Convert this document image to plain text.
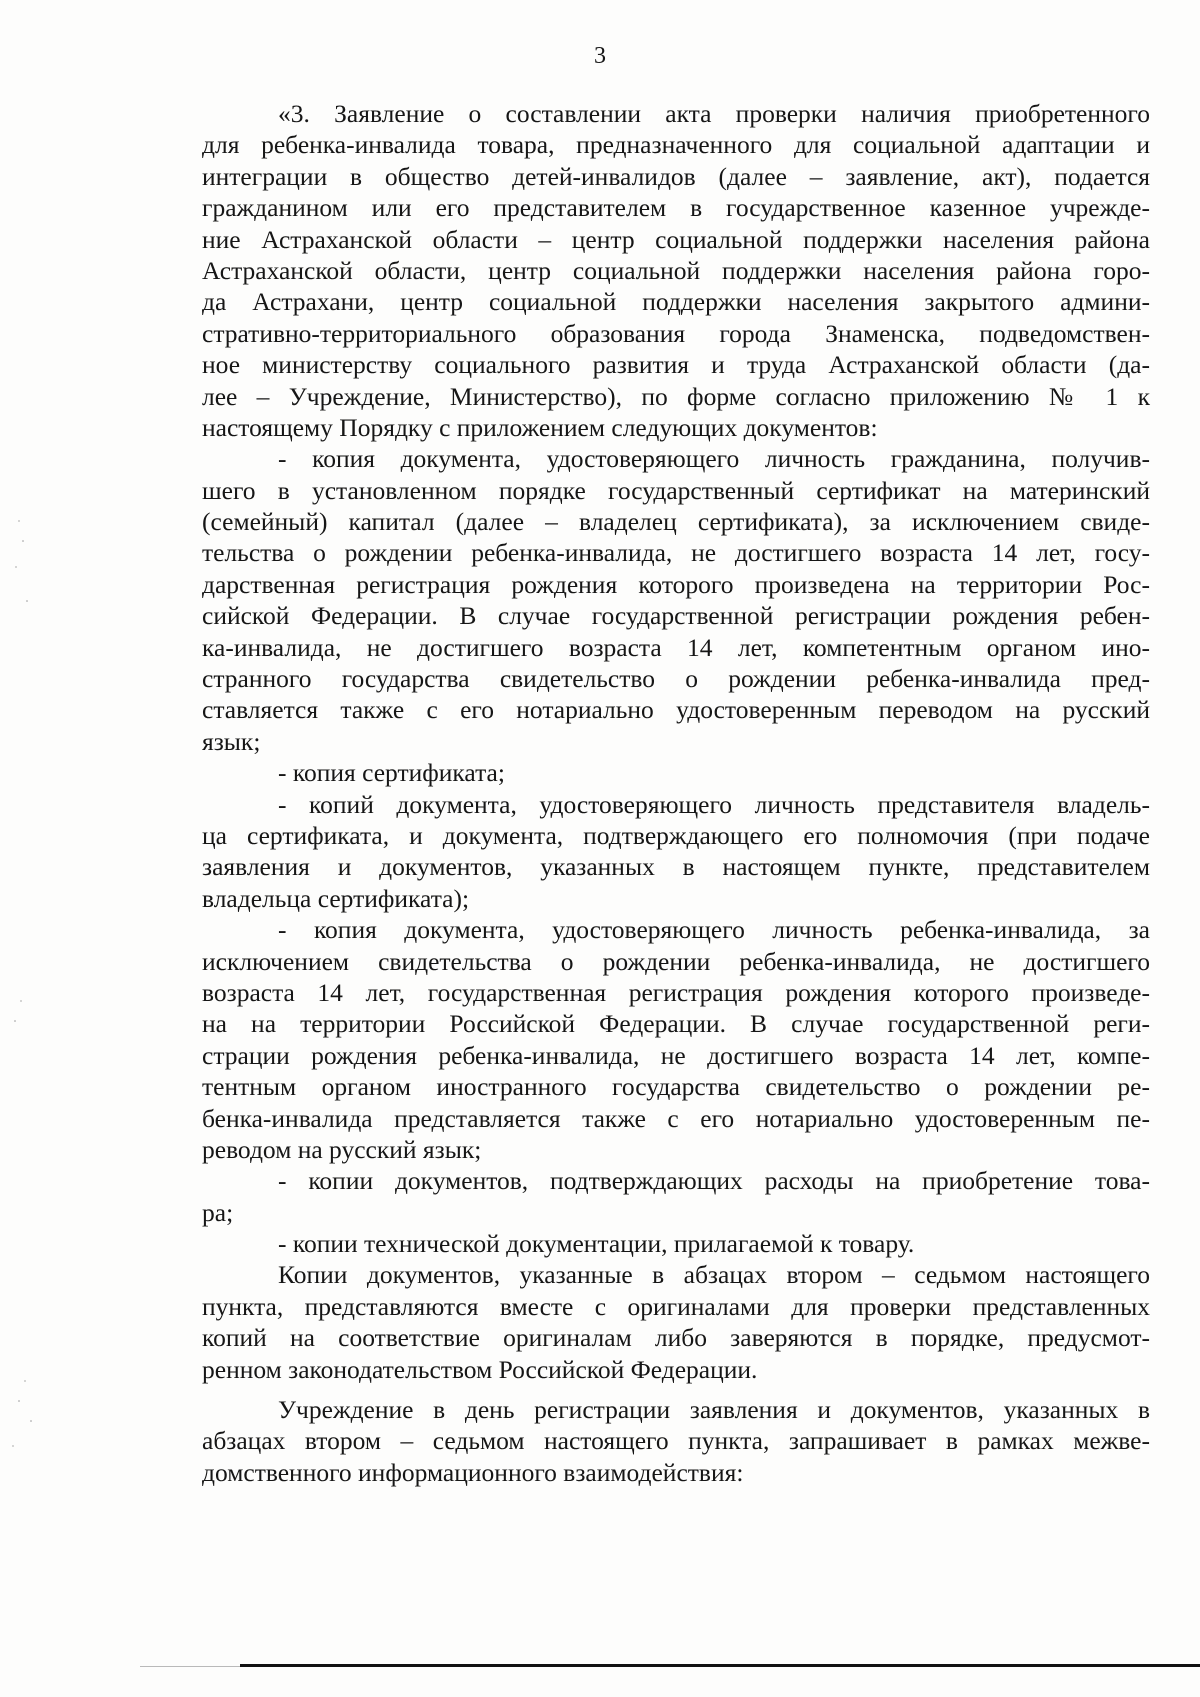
3
«3. Заявление о составлении акта проверки наличия приобретенного
для ребенка-инвалида товара, предназначенного для социальной адаптации и
интеграции в общество детей-инвалидов (далее – заявление, акт), подается
гражданином или его представителем в государственное казенное учрежде-
ние Астраханской области – центр социальной поддержки населения района
Астраханской области, центр социальной поддержки населения района горо-
да Астрахани, центр социальной поддержки населения закрытого админи-
стративно-территориального образования города Знаменска, подведомствен-
ное министерству социального развития и труда Астраханской области (да-
лее – Учреждение, Министерство), по форме согласно приложению № 1 к
настоящему Порядку с приложением следующих документов:
- копия документа, удостоверяющего личность гражданина, получив-
шего в установленном порядке государственный сертификат на материнский
(семейный) капитал (далее – владелец сертификата), за исключением свиде-
тельства о рождении ребенка-инвалида, не достигшего возраста 14 лет, госу-
дарственная регистрация рождения которого произведена на территории Рос-
сийской Федерации. В случае государственной регистрации рождения ребен-
ка-инвалида, не достигшего возраста 14 лет, компетентным органом ино-
странного государства свидетельство о рождении ребенка-инвалида пред-
ставляется также с его нотариально удостоверенным переводом на русский
язык;
- копия сертификата;
- копий документа, удостоверяющего личность представителя владель-
ца сертификата, и документа, подтверждающего его полномочия (при подаче
заявления и документов, указанных в настоящем пункте, представителем
владельца сертификата);
- копия документа, удостоверяющего личность ребенка-инвалида, за
исключением свидетельства о рождении ребенка-инвалида, не достигшего
возраста 14 лет, государственная регистрация рождения которого произведе-
на на территории Российской Федерации. В случае государственной реги-
страции рождения ребенка-инвалида, не достигшего возраста 14 лет, компе-
тентным органом иностранного государства свидетельство о рождении ре-
бенка-инвалида представляется также с его нотариально удостоверенным пе-
реводом на русский язык;
- копии документов, подтверждающих расходы на приобретение това-
ра;
- копии технической документации, прилагаемой к товару.
Копии документов, указанные в абзацах втором – седьмом настоящего
пункта, представляются вместе с оригиналами для проверки представленных
копий на соответствие оригиналам либо заверяются в порядке, предусмот-
ренном законодательством Российской Федерации.
Учреждение в день регистрации заявления и документов, указанных в
абзацах втором – седьмом настоящего пункта, запрашивает в рамках межве-
домственного информационного взаимодействия:
